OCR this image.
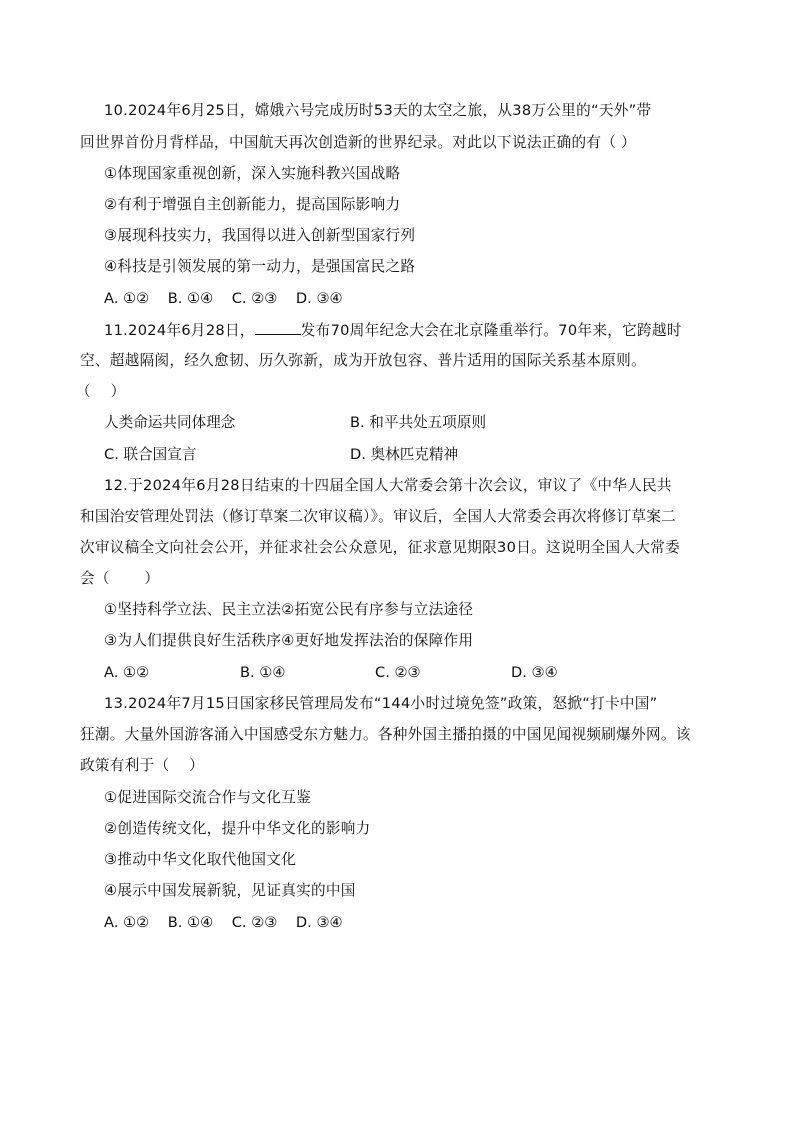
10.2024年6月25日，嫦娥六号完成历时53天的太空之旅，从38万公里的“天外”带
回世界首份月背样品，中国航天再次创造新的世界纪录。对此以下说法正确的有（ ）
①体现国家重视创新，深入实施科教兴国战略
②有利于增强自主创新能力，提高国际影响力
③展现科技实力，我国得以进入创新型国家行列
④科技是引领发展的第一动力，是强国富民之路
A. ①②    B. ①④    C. ②③    D. ③④
11.2024年6月28日，	发布70周年纪念大会在北京隆重举行。70年来，它跨越时
空、超越隔阂，经久愈韧、历久弥新，成为开放包容、普片适用的国际关系基本原则。
（    ）
人类命运共同体理念	B. 和平共处五项原则
C. 联合国宣言	D. 奥林匹克精神
12.于2024年6月28日结束的十四届全国人大常委会第十次会议，审议了《中华人民共
和国治安管理处罚法（修订草案二次审议稿）》。审议后，全国人大常委会再次将修订草案二
次审议稿全文向社会公开，并征求社会公众意见，征求意见期限30日。这说明全国人大常委
会（       ）
①坚持科学立法、民主立法②拓宽公民有序参与立法途径
③为人们提供良好生活秩序④更好地发挥法治的保障作用
A. ①②	B. ①④	C. ②③	D. ③④
13.2024年7月15日国家移民管理局发布“144小时过境免签”政策，怒掀“打卡中国”
狂潮。大量外国游客涌入中国感受东方魅力。各种外国主播拍摄的中国见闻视频刷爆外网。该
政策有利于（    ）
①促进国际交流合作与文化互鉴
②创造传统文化，提升中华文化的影响力
③推动中华文化取代他国文化
④展示中国发展新貌，见证真实的中国
A. ①②    B. ①④    C. ②③    D. ③④
